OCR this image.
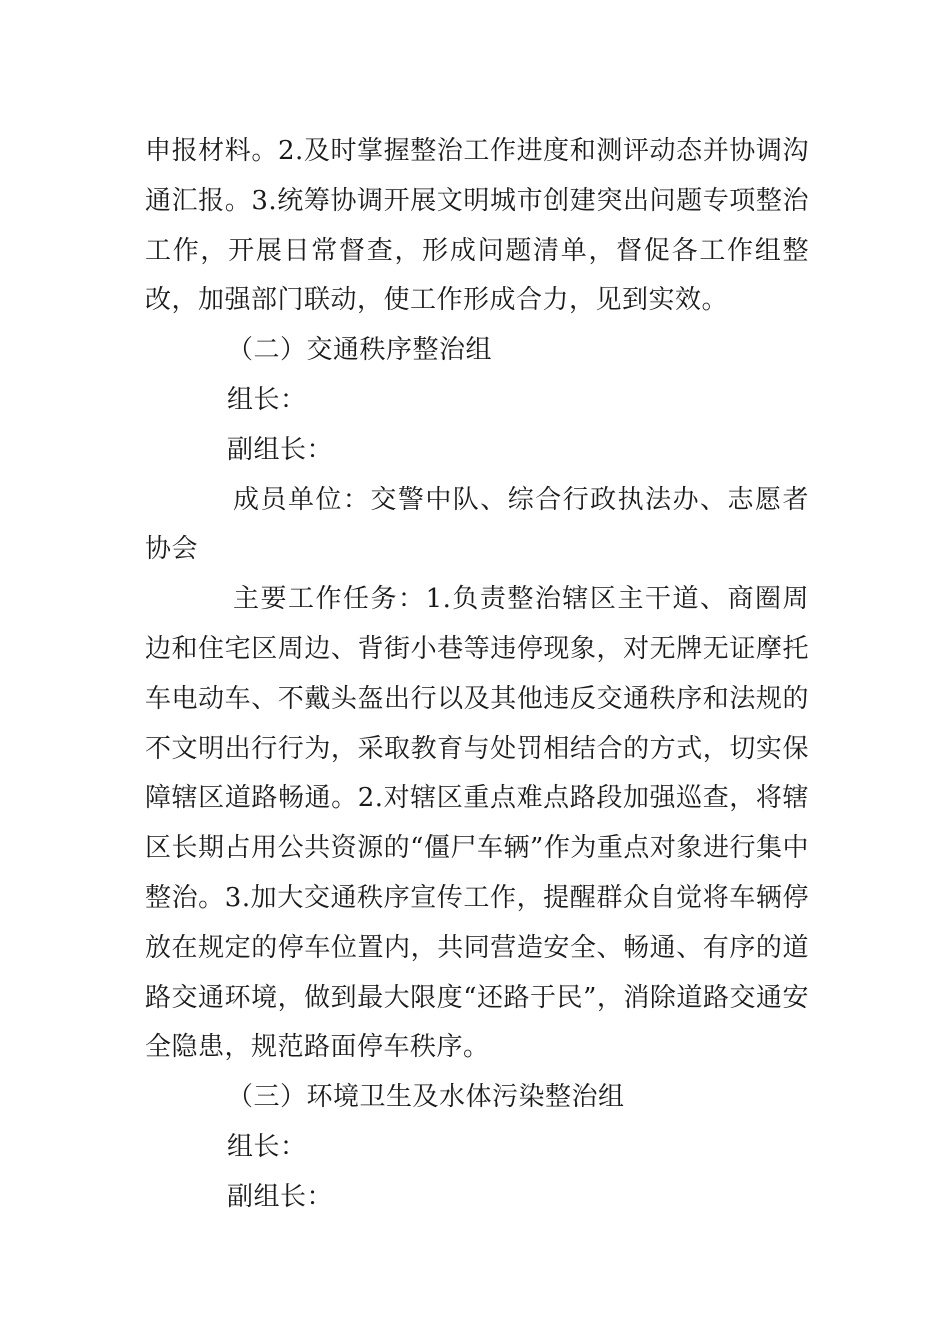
申报材料。2.及时掌握整治工作进度和测评动态并协调沟通汇报。3.统筹协调开展文明城市创建突出问题专项整治工作，开展日常督查，形成问题清单，督促各工作组整改，加强部门联动，使工作形成合力，见到实效。

（二）交通秩序整治组

组长：

副组长：

成员单位：交警中队、综合行政执法办、志愿者协会

主要工作任务：1.负责整治辖区主干道、商圈周边和住宅区周边、背街小巷等违停现象，对无牌无证摩托车电动车、不戴头盔出行以及其他违反交通秩序和法规的不文明出行行为，采取教育与处罚相结合的方式，切实保障辖区道路畅通。2.对辖区重点难点路段加强巡查，将辖区长期占用公共资源的“僵尸车辆”作为重点对象进行集中整治。3.加大交通秩序宣传工作，提醒群众自觉将车辆停放在规定的停车位置内，共同营造安全、畅通、有序的道路交通环境，做到最大限度“还路于民”，消除道路交通安全隐患，规范路面停车秩序。

（三）环境卫生及水体污染整治组

组长：

副组长：
